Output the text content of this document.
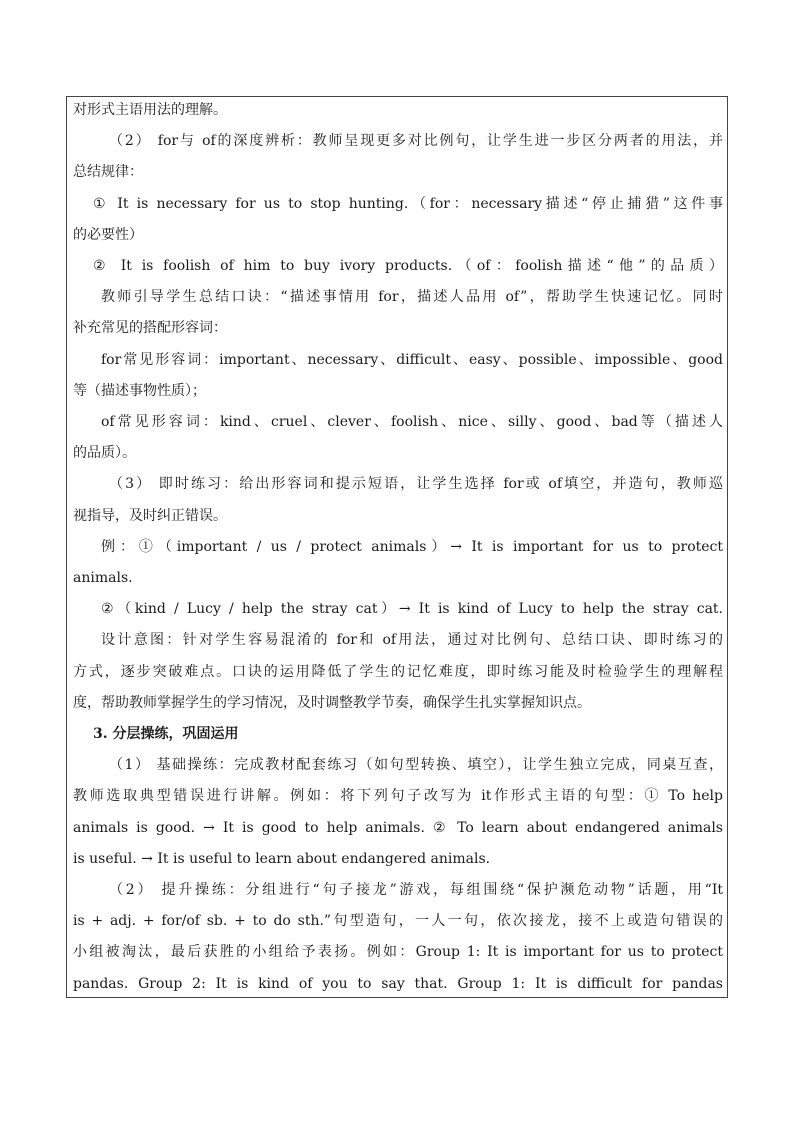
对形式主语用法的理解。
（2） for与 of的深度辨析：教师呈现更多对比例句，让学生进一步区分两者的用法，并
总结规律：
① It is necessary for us to stop hunting.（for：necessary描述“停止捕猎”这件事
的必要性）
② It is foolish of him to buy ivory products.（of：foolish描述“他”的品质）
教师引导学生总结口诀：“描述事情用 for，描述人品用 of”，帮助学生快速记忆。同时
补充常见的搭配形容词：
for常见形容词：important、necessary、difficult、easy、possible、impossible、good
等（描述事物性质）；
of常见形容词：kind、cruel、clever、foolish、nice、silly、good、bad等（描述人
的品质）。
（3） 即时练习：给出形容词和提示短语，让学生选择 for或 of填空，并造句，教师巡
视指导，及时纠正错误。
例：①（important / us / protect animals）→ It is important for us to protect
animals.
②（kind / Lucy / help the stray cat）→ It is kind of Lucy to help the stray cat.
设计意图：针对学生容易混淆的 for和 of用法，通过对比例句、总结口诀、即时练习的
方式，逐步突破难点。口诀的运用降低了学生的记忆难度，即时练习能及时检验学生的理解程
度，帮助教师掌握学生的学习情况，及时调整教学节奏，确保学生扎实掌握知识点。
3. 分层操练，巩固运用
（1） 基础操练：完成教材配套练习（如句型转换、填空），让学生独立完成，同桌互查，
教师选取典型错误进行讲解。例如：将下列句子改写为 it作形式主语的句型：① To help
animals is good. → It is good to help animals. ② To learn about endangered animals
is useful. → It is useful to learn about endangered animals.
（2） 提升操练：分组进行“句子接龙”游戏，每组围绕“保护濒危动物”话题，用“It
is + adj. + for/of sb. + to do sth.”句型造句，一人一句，依次接龙，接不上或造句错误的
小组被淘汰，最后获胜的小组给予表扬。例如：Group 1: It is important for us to protect
pandas. Group 2: It is kind of you to say that. Group 1: It is difficult for pandas
